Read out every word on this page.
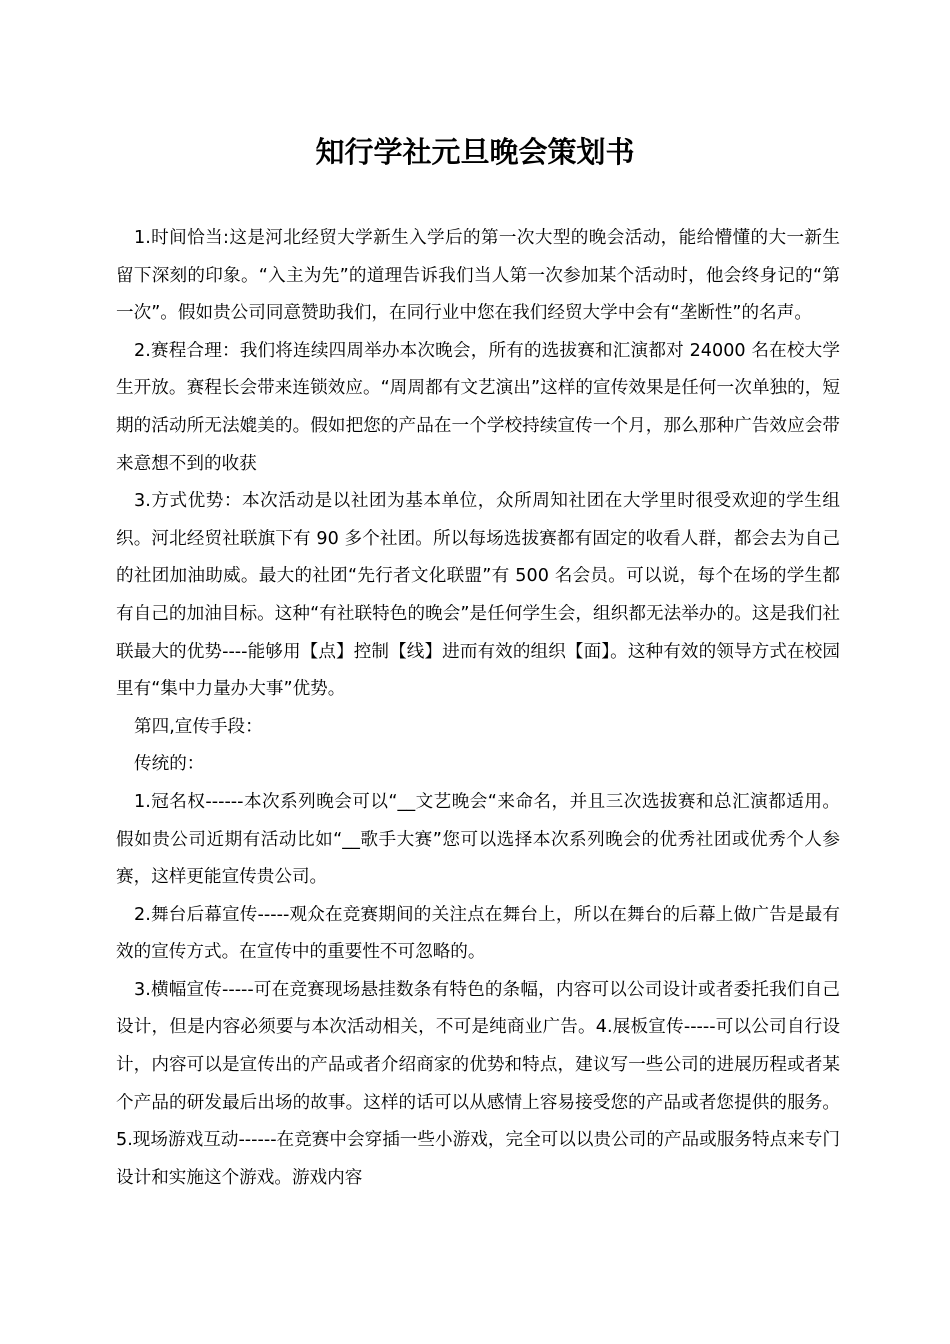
知行学社元旦晚会策划书

1.时间恰当:这是河北经贸大学新生入学后的第一次大型的晚会活动，能给懵懂的大一新生留下深刻的印象。“入主为先”的道理告诉我们当人第一次参加某个活动时，他会终身记的“第一次”。假如贵公司同意赞助我们，在同行业中您在我们经贸大学中会有“垄断性”的名声。

2.赛程合理：我们将连续四周举办本次晚会，所有的选拔赛和汇演都对 24000 名在校大学生开放。赛程长会带来连锁效应。“周周都有文艺演出”这样的宣传效果是任何一次单独的，短期的活动所无法媲美的。假如把您的产品在一个学校持续宣传一个月，那么那种广告效应会带来意想不到的收获

3.方式优势：本次活动是以社团为基本单位，众所周知社团在大学里时很受欢迎的学生组织。河北经贸社联旗下有 90 多个社团。所以每场选拔赛都有固定的收看人群，都会去为自己的社团加油助威。最大的社团“先行者文化联盟”有 500 名会员。可以说，每个在场的学生都有自己的加油目标。这种“有社联特色的晚会”是任何学生会，组织都无法举办的。这是我们社联最大的优势----能够用【点】控制【线】进而有效的组织【面】。这种有效的领导方式在校园里有“集中力量办大事”优势。

第四,宣传手段：

传统的：

1.冠名权------本次系列晚会可以“__文艺晚会“来命名，并且三次选拔赛和总汇演都适用。假如贵公司近期有活动比如“__歌手大赛”您可以选择本次系列晚会的优秀社团或优秀个人参赛，这样更能宣传贵公司。

2.舞台后幕宣传-----观众在竞赛期间的关注点在舞台上，所以在舞台的后幕上做广告是最有效的宣传方式。在宣传中的重要性不可忽略的。

3.横幅宣传-----可在竞赛现场悬挂数条有特色的条幅，内容可以公司设计或者委托我们自己设计，但是内容必须要与本次活动相关，不可是纯商业广告。4.展板宣传-----可以公司自行设计，内容可以是宣传出的产品或者介绍商家的优势和特点，建议写一些公司的进展历程或者某个产品的研发最后出场的故事。这样的话可以从感情上容易接受您的产品或者您提供的服务。5.现场游戏互动------在竞赛中会穿插一些小游戏，完全可以以贵公司的产品或服务特点来专门设计和实施这个游戏。游戏内容
